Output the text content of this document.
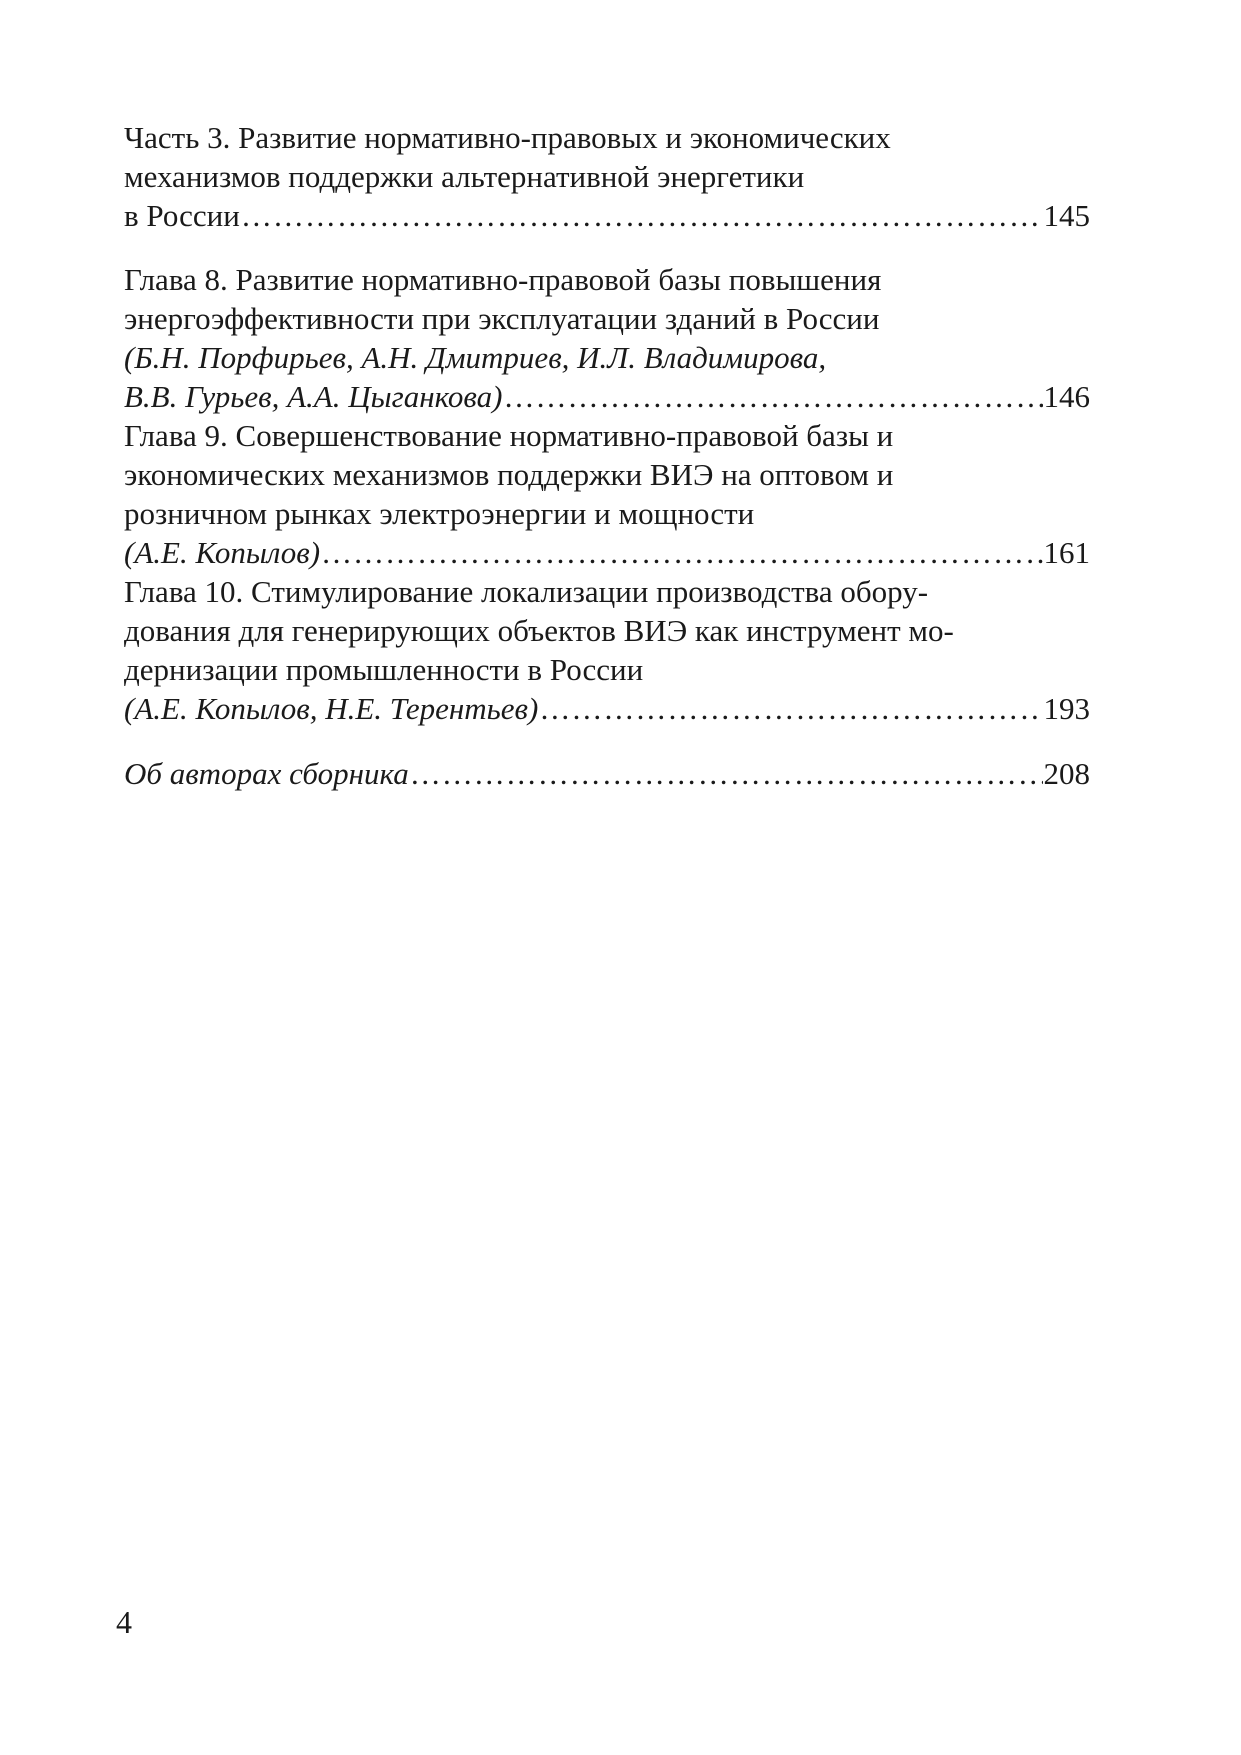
Часть 3. Развитие нормативно-правовых и экономических
механизмов поддержки альтернативной энергетики
в России ……………………………………………………………………………………………………………………………………………………	145
Глава 8. Развитие нормативно-правовой базы повышения
энергоэффективности при эксплуатации зданий в России
(Б.Н. Порфирьев, А.Н. Дмитриев, И.Л. Владимирова,
В.В. Гурьев, А.А. Цыганкова) ……………………………………………………………………………………………………………………………………………………	146
Глава 9. Совершенствование нормативно-правовой базы и
экономических механизмов поддержки ВИЭ на оптовом и
розничном рынках электроэнергии и мощности
(А.Е. Копылов) ……………………………………………………………………………………………………………………………………………………	161
Глава 10. Стимулирование локализации производства обору-
дования для генерирующих объектов ВИЭ как инструмент мо-
дернизации промышленности в России
(А.Е. Копылов, Н.Е. Терентьев) ……………………………………………………………………………………………………………………………………………………	193
Об авторах сборника ……………………………………………………………………………………………………………………………………………………	208
4
